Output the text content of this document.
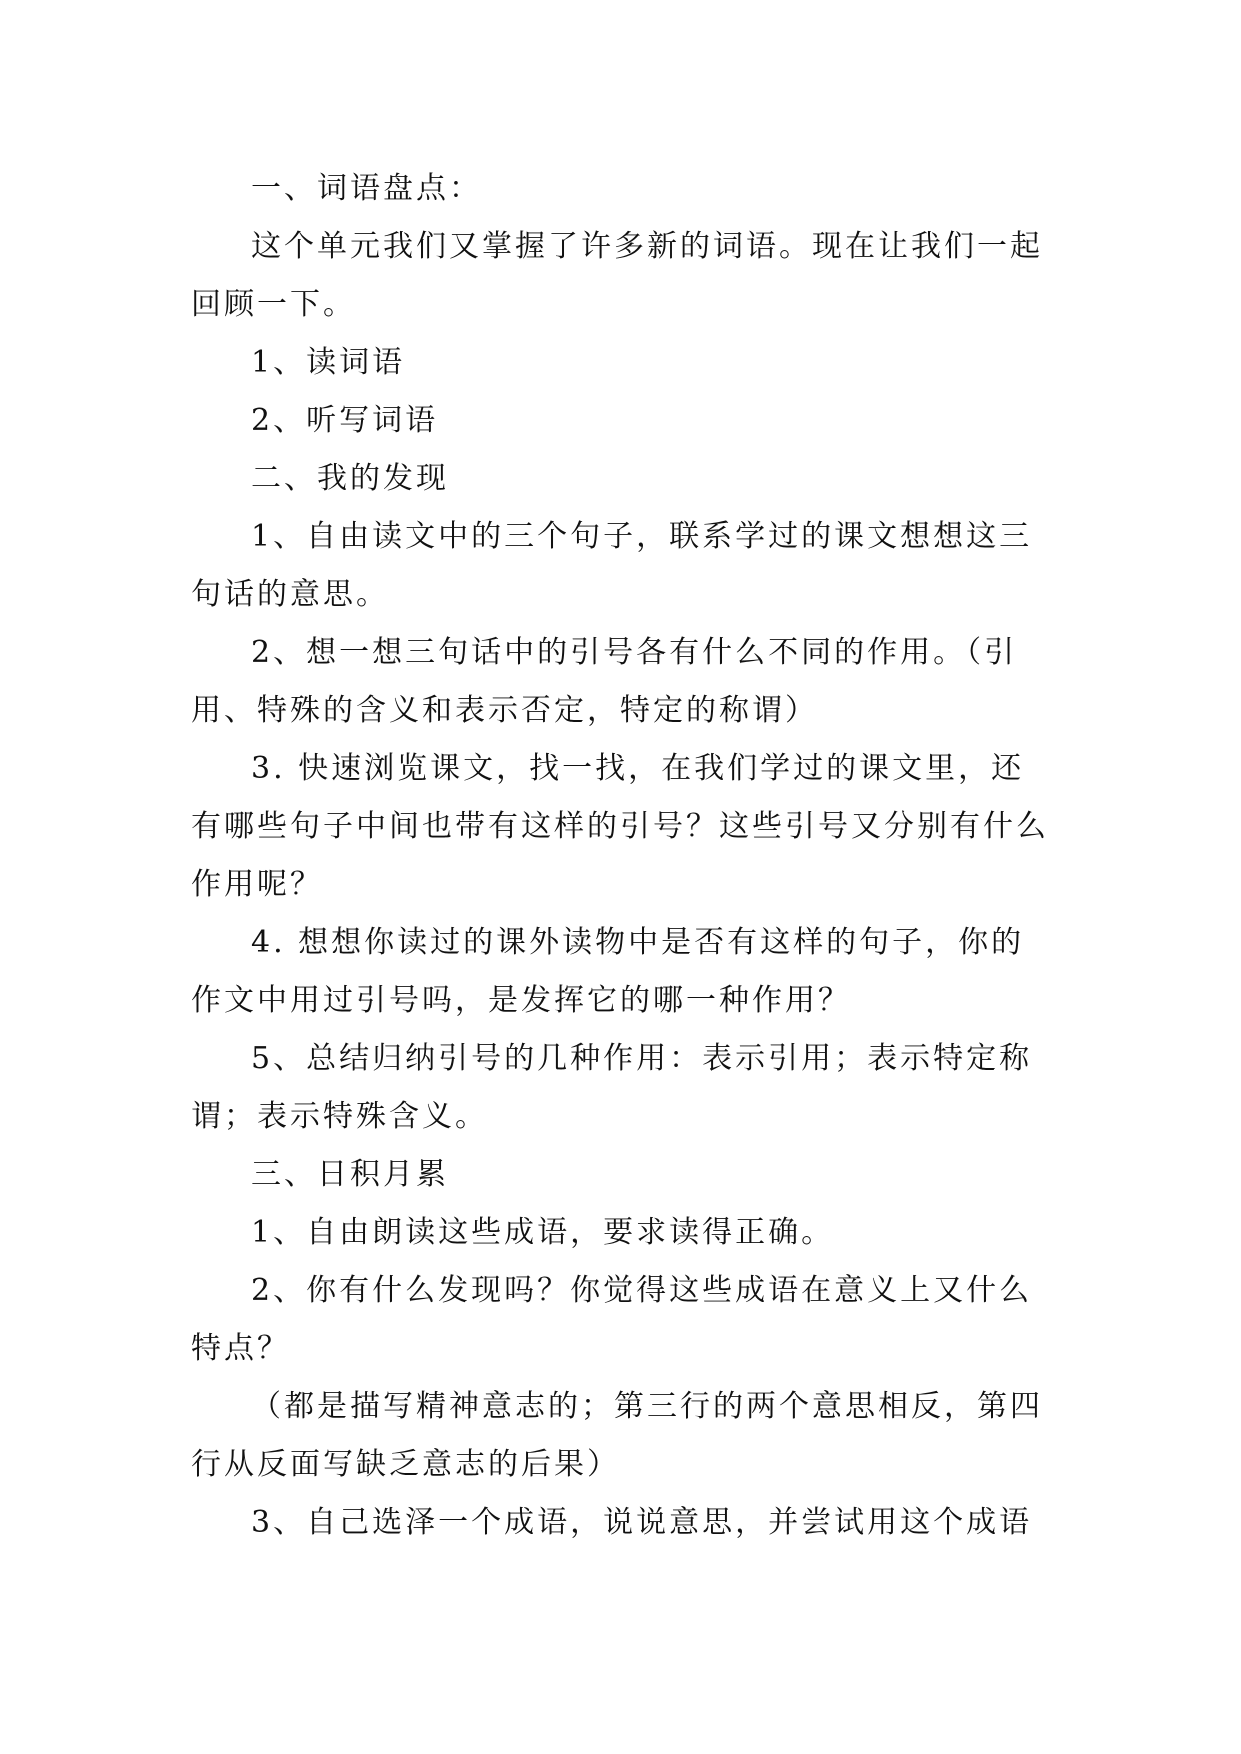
一、词语盘点：

这个单元我们又掌握了许多新的词语。现在让我们一起回顾一下。

1、读词语

2、听写词语

二、我的发现

1、自由读文中的三个句子，联系学过的课文想想这三句话的意思。

2、想一想三句话中的引号各有什么不同的作用。（引用、特殊的含义和表示否定，特定的称谓）

3. 快速浏览课文，找一找，在我们学过的课文里，还有哪些句子中间也带有这样的引号？这些引号又分别有什么作用呢？

4. 想想你读过的课外读物中是否有这样的句子，你的作文中用过引号吗，是发挥它的哪一种作用？

5、总结归纳引号的几种作用：表示引用；表示特定称谓；表示特殊含义。

三、日积月累

1、自由朗读这些成语，要求读得正确。

2、你有什么发现吗？你觉得这些成语在意义上又什么特点？

（都是描写精神意志的；第三行的两个意思相反，第四行从反面写缺乏意志的后果）

3、自己选泽一个成语，说说意思，并尝试用这个成语
